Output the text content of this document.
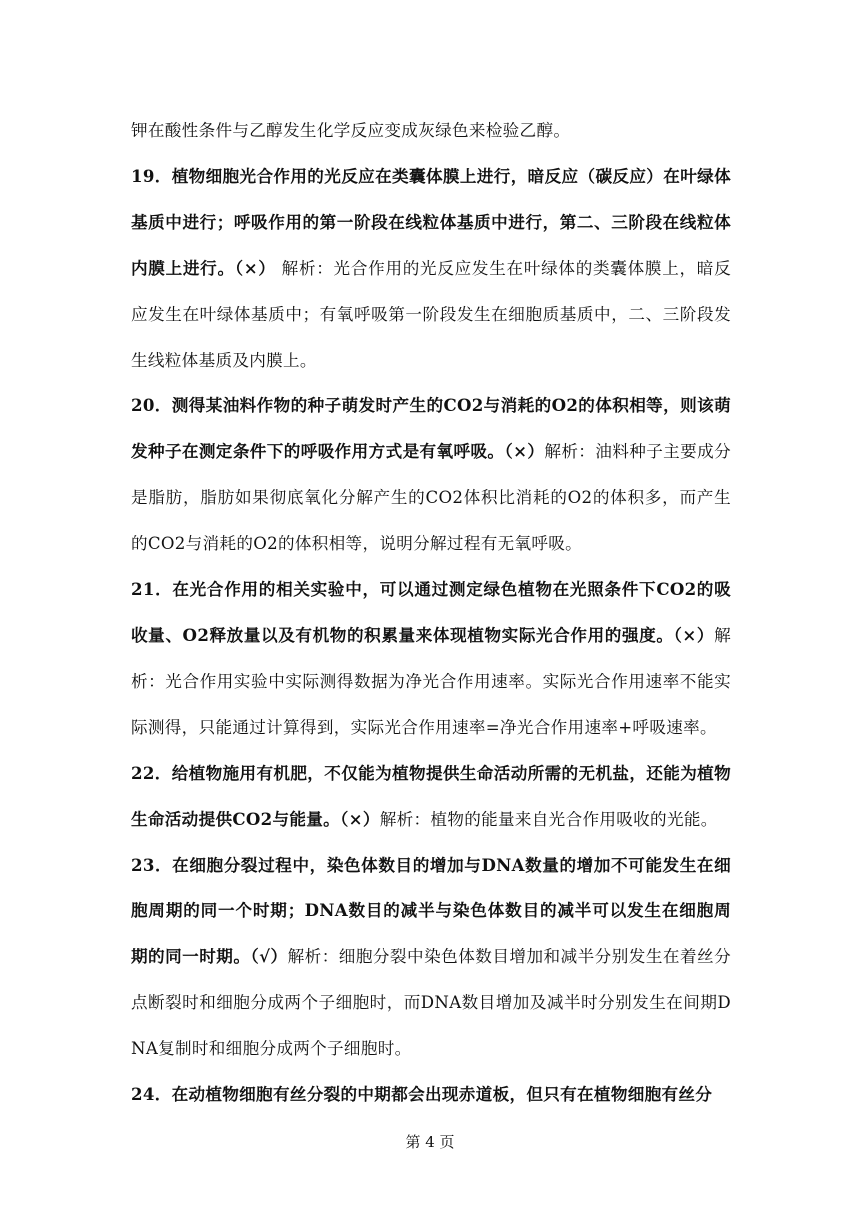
钾在酸性条件与乙醇发生化学反应变成灰绿色来检验乙醇。

19．植物细胞光合作用的光反应在类囊体膜上进行，暗反应（碳反应）在叶绿体基质中进行；呼吸作用的第一阶段在线粒体基质中进行，第二、三阶段在线粒体内膜上进行。（×） 解析：光合作用的光反应发生在叶绿体的类囊体膜上，暗反应发生在叶绿体基质中；有氧呼吸第一阶段发生在细胞质基质中，二、三阶段发生线粒体基质及内膜上。

20．测得某油料作物的种子萌发时产生的CO2与消耗的O2的体积相等，则该萌发种子在测定条件下的呼吸作用方式是有氧呼吸。（×）解析：油料种子主要成分是脂肪，脂肪如果彻底氧化分解产生的CO2体积比消耗的O2的体积多，而产生的CO2与消耗的O2的体积相等，说明分解过程有无氧呼吸。

21．在光合作用的相关实验中，可以通过测定绿色植物在光照条件下CO2的吸收量、O2释放量以及有机物的积累量来体现植物实际光合作用的强度。（×）解析：光合作用实验中实际测得数据为净光合作用速率。实际光合作用速率不能实际测得，只能通过计算得到，实际光合作用速率=净光合作用速率+呼吸速率。

22．给植物施用有机肥，不仅能为植物提供生命活动所需的无机盐，还能为植物生命活动提供CO2与能量。（×）解析：植物的能量来自光合作用吸收的光能。

23．在细胞分裂过程中，染色体数目的增加与DNA数量的增加不可能发生在细胞周期的同一个时期；DNA数目的减半与染色体数目的减半可以发生在细胞周期的同一时期。（√）解析：细胞分裂中染色体数目增加和减半分别发生在着丝分点断裂时和细胞分成两个子细胞时，而DNA数目增加及减半时分别发生在间期DNA复制时和细胞分成两个子细胞时。

24．在动植物细胞有丝分裂的中期都会出现赤道板，但只有在植物细胞有丝分

第 4 页
